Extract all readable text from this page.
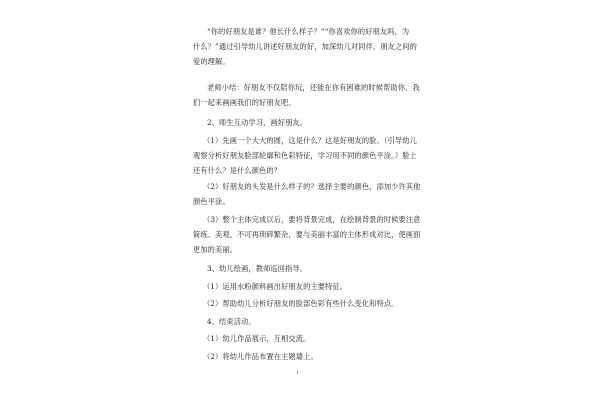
“你的好朋友是谁？他长什么样子？”“你喜欢你的好朋友吗，为
什么？”通过引导幼儿讲述好朋友的好，加深幼儿对同伴、朋友之间的
爱的理解。
老师小结：好朋友不仅陪你玩，还能在你有困难的时候帮助你，我
们一起来画画我们的好朋友吧。
2、师生互动学习，画好朋友。
（1）先画一个大大的圆，这是什么？这是好朋友的脸。（引导幼儿
观察分析好朋友脸部轮廓和色彩特征，学习用不同的颜色平涂。）脸上
还有什么？是什么颜色的？
（2）好朋友的头发是什么样子的？选择主要的颜色，添加少许其他
颜色平涂。
（3）整个主体完成以后，要将背景完成，在绘制背景的时候要注意
简练、美观，不可再琐碎繁杂，要与美丽丰富的主体形成对比，使画面
更加的美丽。
3、幼儿绘画，教师巡回指导。
（1）运用水粉颜料画出好朋友的主要特征。
（2）帮助幼儿分析好朋友的脸部色彩有些什么变化和特点。
4、结束活动。
（1）幼儿作品展示，互相交流。
（2）将幼儿作品布置在主题墙上。
1
